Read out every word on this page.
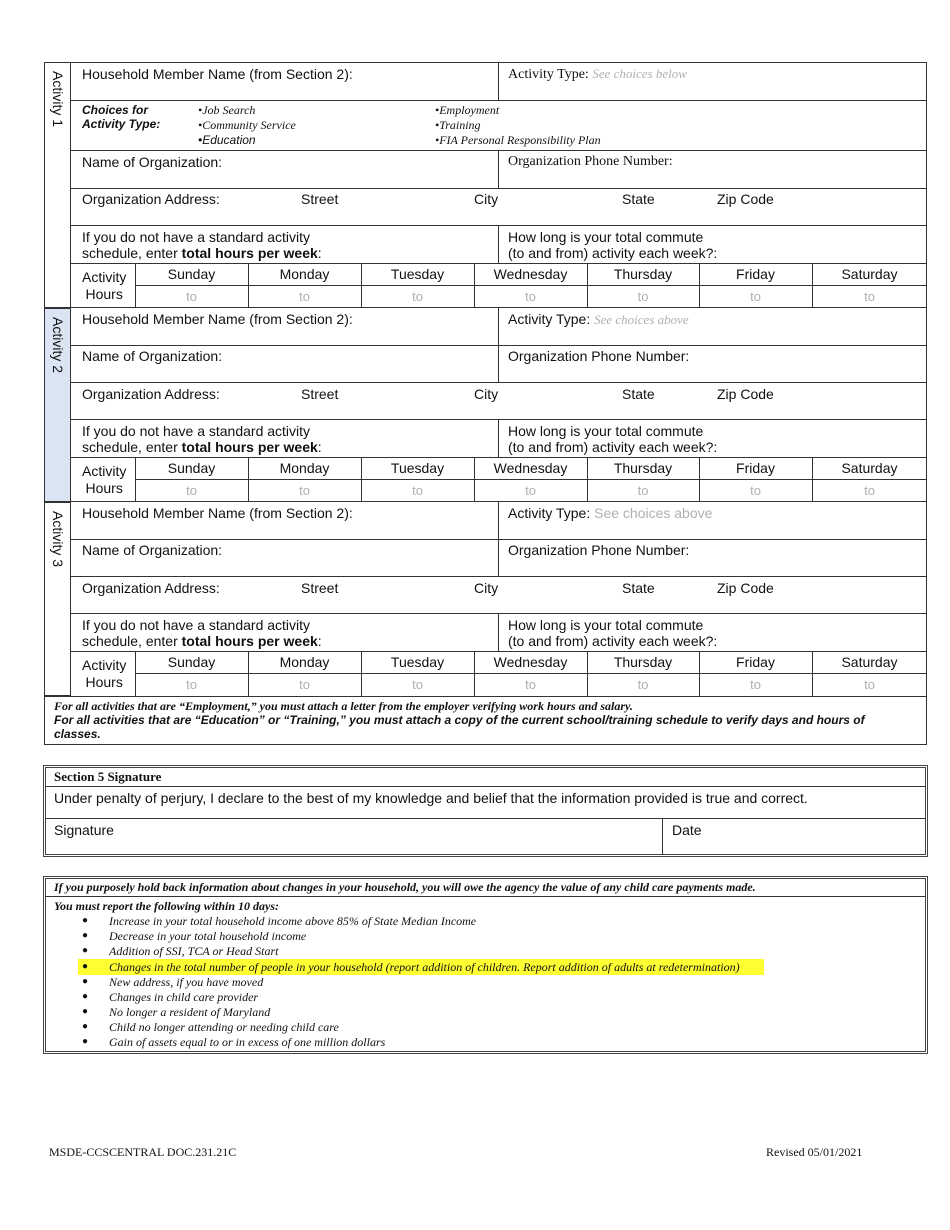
Activity 1
Activity 2
Activity 3
Household Member Name (from Section 2):	Activity Type: See choices below
Choices for
Activity Type:
•Job Search
•Community Service
•Education
•Employment
•Training
•FIA Personal Responsibility Plan
Name of Organization:	Organization Phone Number:
Organization Address:	Street	City	State	Zip Code
If you do not have a standard activity
schedule, enter total hours per week:
How long is your total commute
(to and from) activity each week?:
Activity
Hours
Sunday	Monday	Tuesday	Wednesday	Thursday	Friday	Saturday
to	to	to	to	to	to	to
Household Member Name (from Section 2):	Activity Type: See choices above
Name of Organization:	Organization Phone Number:
Organization Address:	Street	City	State	Zip Code
If you do not have a standard activity
schedule, enter total hours per week:
How long is your total commute
(to and from) activity each week?:
Activity
Hours
Sunday	Monday	Tuesday	Wednesday	Thursday	Friday	Saturday
to	to	to	to	to	to	to
Household Member Name (from Section 2):	Activity Type: See choices above
Name of Organization:	Organization Phone Number:
Organization Address:	Street	City	State	Zip Code
If you do not have a standard activity
schedule, enter total hours per week:
How long is your total commute
(to and from) activity each week?:
Activity
Hours
Sunday	Monday	Tuesday	Wednesday	Thursday	Friday	Saturday
to	to	to	to	to	to	to
For all activities that are “Employment,” you must attach a letter from the employer verifying work hours and salary.
For all activities that are “Education” or “Training,” you must attach a copy of the current school/training schedule to verify days and hours of
classes.
Section 5 Signature
Under penalty of perjury, I declare to the best of my knowledge and belief that the information provided is true and correct.
Signature	Date
If you purposely hold back information about changes in your household, you will owe the agency the value of any child care payments made.
You must report the following within 10 days:
● Increase in your total household income above 85% of State Median Income
● Decrease in your total household income
● Addition of SSI, TCA or Head Start
● Changes in the total number of people in your household (report addition of children. Report addition of adults at redetermination)
● New address, if you have moved
● Changes in child care provider
● No longer a resident of Maryland
● Child no longer attending or needing child care
● Gain of assets equal to or in excess of one million dollars
MSDE-CCSCENTRAL DOC.231.21C	Revised 05/01/2021
